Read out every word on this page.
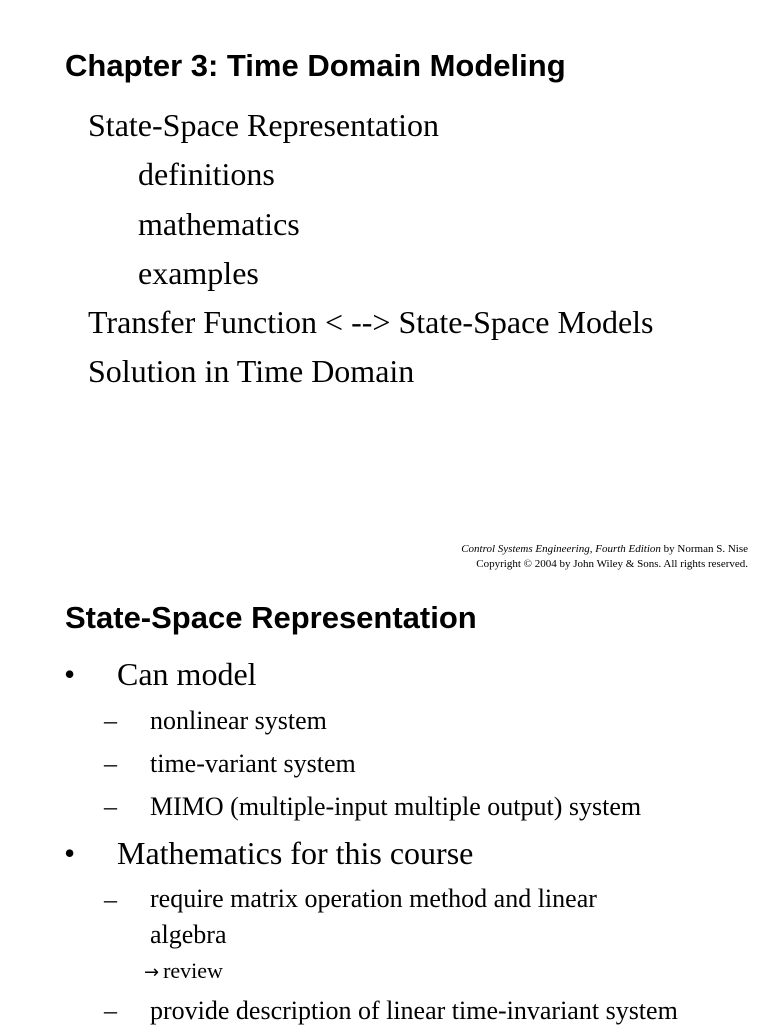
Chapter 3: Time Domain Modeling
State-Space Representation
definitions
mathematics
examples
Transfer Function < --> State-Space Models
Solution in Time Domain
Control Systems Engineering, Fourth Edition by Norman S. Nise
Copyright © 2004 by John Wiley & Sons. All rights reserved.
State-Space Representation
• Can model
– nonlinear system
– time-variant system
– MIMO (multiple-input multiple output) system
• Mathematics for this course
– require matrix operation method and linear
algebra
→ review
– provide description of linear time-invariant system
